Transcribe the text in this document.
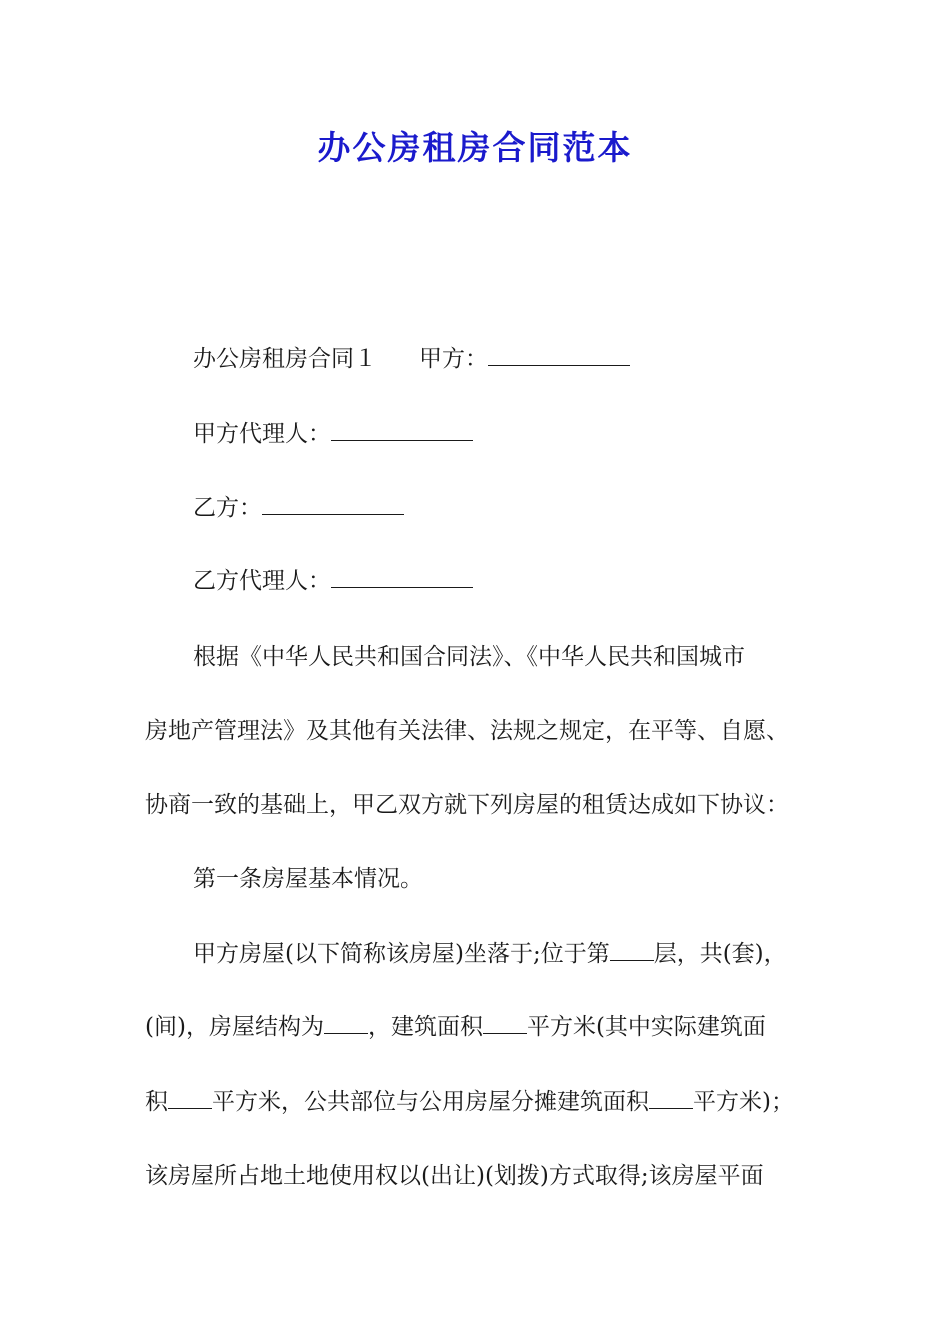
办公房租房合同范本
办公房租房合同１ 甲方：
甲方代理人：
乙方：
乙方代理人：
根据《中华人民共和国合同法》、《中华人民共和国城市
房地产管理法》及其他有关法律、法规之规定，在平等、自愿、
协商一致的基础上，甲乙双方就下列房屋的租赁达成如下协议：
第一条房屋基本情况。
甲方房屋(以下简称该房屋)坐落于;位于第 层，共(套)，
(间)，房屋结构为 ，建筑面积 平方米(其中实际建筑面
积 平方米，公共部位与公用房屋分摊建筑面积 平方米)；
该房屋所占地土地使用权以(出让)(划拨)方式取得;该房屋平面
